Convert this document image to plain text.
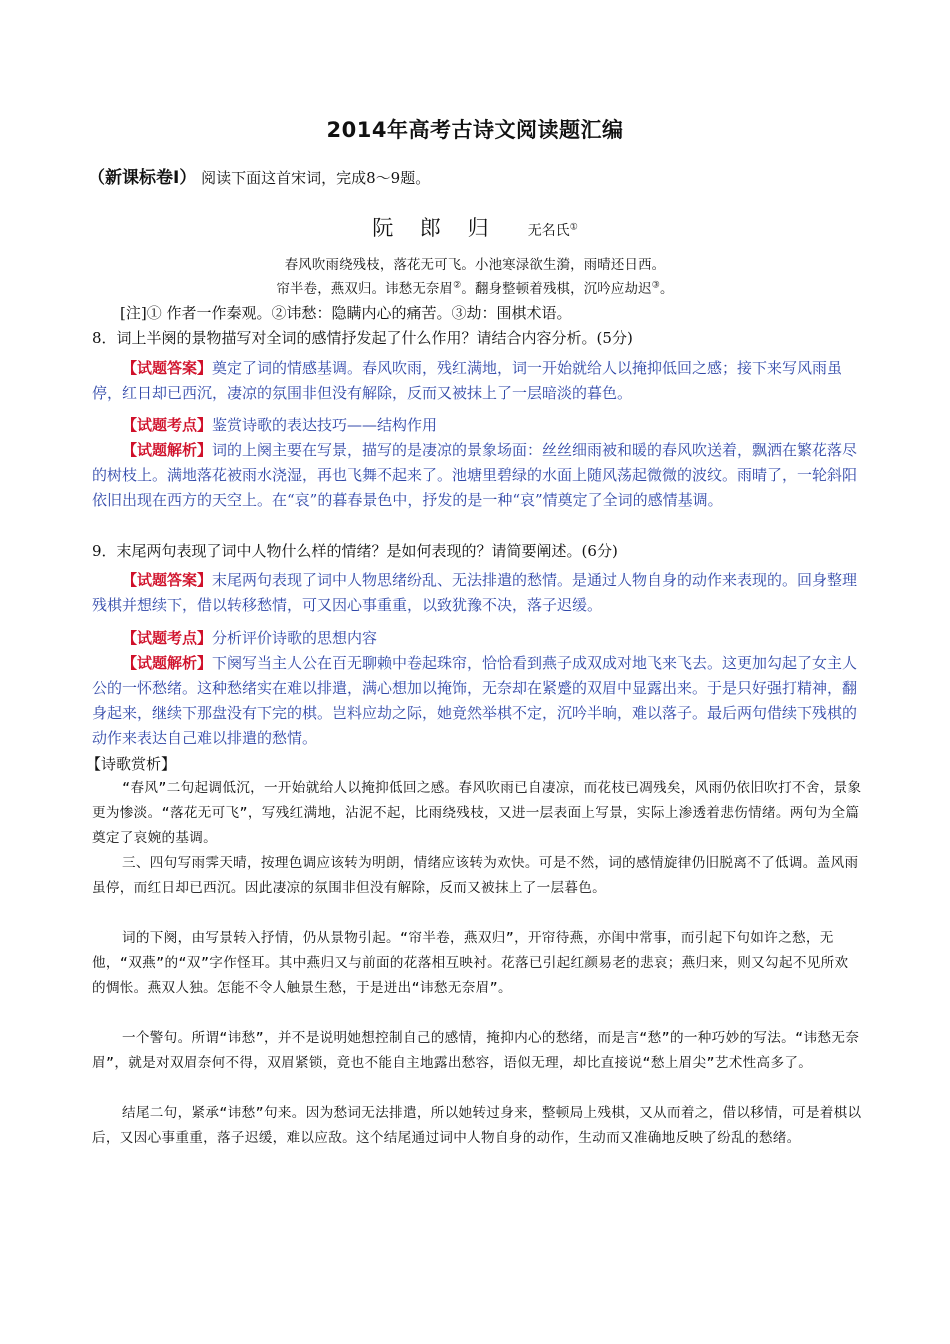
2014年高考古诗文阅读题汇编
（新课标卷Ⅰ） 阅读下面这首宋词，完成8～9题。
阮 郎 归 无名氏①
春风吹雨绕残枝，落花无可飞。小池寒渌欲生漪，雨晴还日西。
帘半卷，燕双归。讳愁无奈眉②。翻身整顿着残棋，沉吟应劫迟③。
[注]① 作者一作秦观。②讳愁：隐瞒内心的痛苦。③劫：围棋术语。
8．词上半阕的景物描写对全词的感情抒发起了什么作用？请结合内容分析。(5分)
【试题答案】奠定了词的情感基调。春风吹雨，残红满地，词一开始就给人以掩抑低回之感；接下来写风雨虽停，红日却已西沉，凄凉的氛围非但没有解除，反而又被抹上了一层暗淡的暮色。
【试题考点】鉴赏诗歌的表达技巧——结构作用
【试题解析】词的上阕主要在写景，描写的是凄凉的景象场面：丝丝细雨被和暖的春风吹送着，飘洒在繁花落尽的树枝上。满地落花被雨水浇湿，再也飞舞不起来了。池塘里碧绿的水面上随风荡起微微的波纹。雨晴了，一轮斜阳依旧出现在西方的天空上。在“哀”的暮春景色中，抒发的是一种“哀”情奠定了全词的感情基调。
9．末尾两句表现了词中人物什么样的情绪？是如何表现的？请简要阐述。(6分)
【试题答案】末尾两句表现了词中人物思绪纷乱、无法排遣的愁情。是通过人物自身的动作来表现的。回身整理残棋并想续下，借以转移愁情，可又因心事重重，以致犹豫不决，落子迟缓。
【试题考点】分析评价诗歌的思想内容
【试题解析】下阕写当主人公在百无聊赖中卷起珠帘，恰恰看到燕子成双成对地飞来飞去。这更加勾起了女主人公的一怀愁绪。这种愁绪实在难以排遣，满心想加以掩饰，无奈却在紧蹙的双眉中显露出来。于是只好强打精神，翻身起来，继续下那盘没有下完的棋。岂料应劫之际，她竟然举棋不定，沉吟半晌，难以落子。最后两句借续下残棋的动作来表达自己难以排遣的愁情。
【诗歌赏析】
“春风”二句起调低沉，一开始就给人以掩抑低回之感。春风吹雨已自凄凉，而花枝已凋残矣，风雨仍依旧吹打不舍，景象更为惨淡。“落花无可飞”，写残红满地，沾泥不起，比雨绕残枝，又进一层表面上写景，实际上渗透着悲伤情绪。两句为全篇奠定了哀婉的基调。
三、四句写雨霁天晴，按理色调应该转为明朗，情绪应该转为欢快。可是不然，词的感情旋律仍旧脱离不了低调。盖风雨虽停，而红日却已西沉。因此凄凉的氛围非但没有解除，反而又被抹上了一层暮色。
词的下阕，由写景转入抒情，仍从景物引起。“帘半卷，燕双归”，开帘待燕，亦闺中常事，而引起下句如许之愁，无他，“双燕”的“双”字作怪耳。其中燕归又与前面的花落相互映衬。花落已引起红颜易老的悲哀；燕归来，则又勾起不见所欢的惆怅。燕双人独。怎能不令人触景生愁，于是迸出“讳愁无奈眉”。
一个警句。所谓“讳愁”，并不是说明她想控制自己的感情，掩抑内心的愁绪，而是言“愁”的一种巧妙的写法。“讳愁无奈眉”，就是对双眉奈何不得，双眉紧锁，竟也不能自主地露出愁容，语似无理，却比直接说“愁上眉尖”艺术性高多了。
结尾二句，紧承“讳愁”句来。因为愁词无法排遣，所以她转过身来，整顿局上残棋，又从而着之，借以移情，可是着棋以后，又因心事重重，落子迟缓，难以应敌。这个结尾通过词中人物自身的动作，生动而又准确地反映了纷乱的愁绪。
